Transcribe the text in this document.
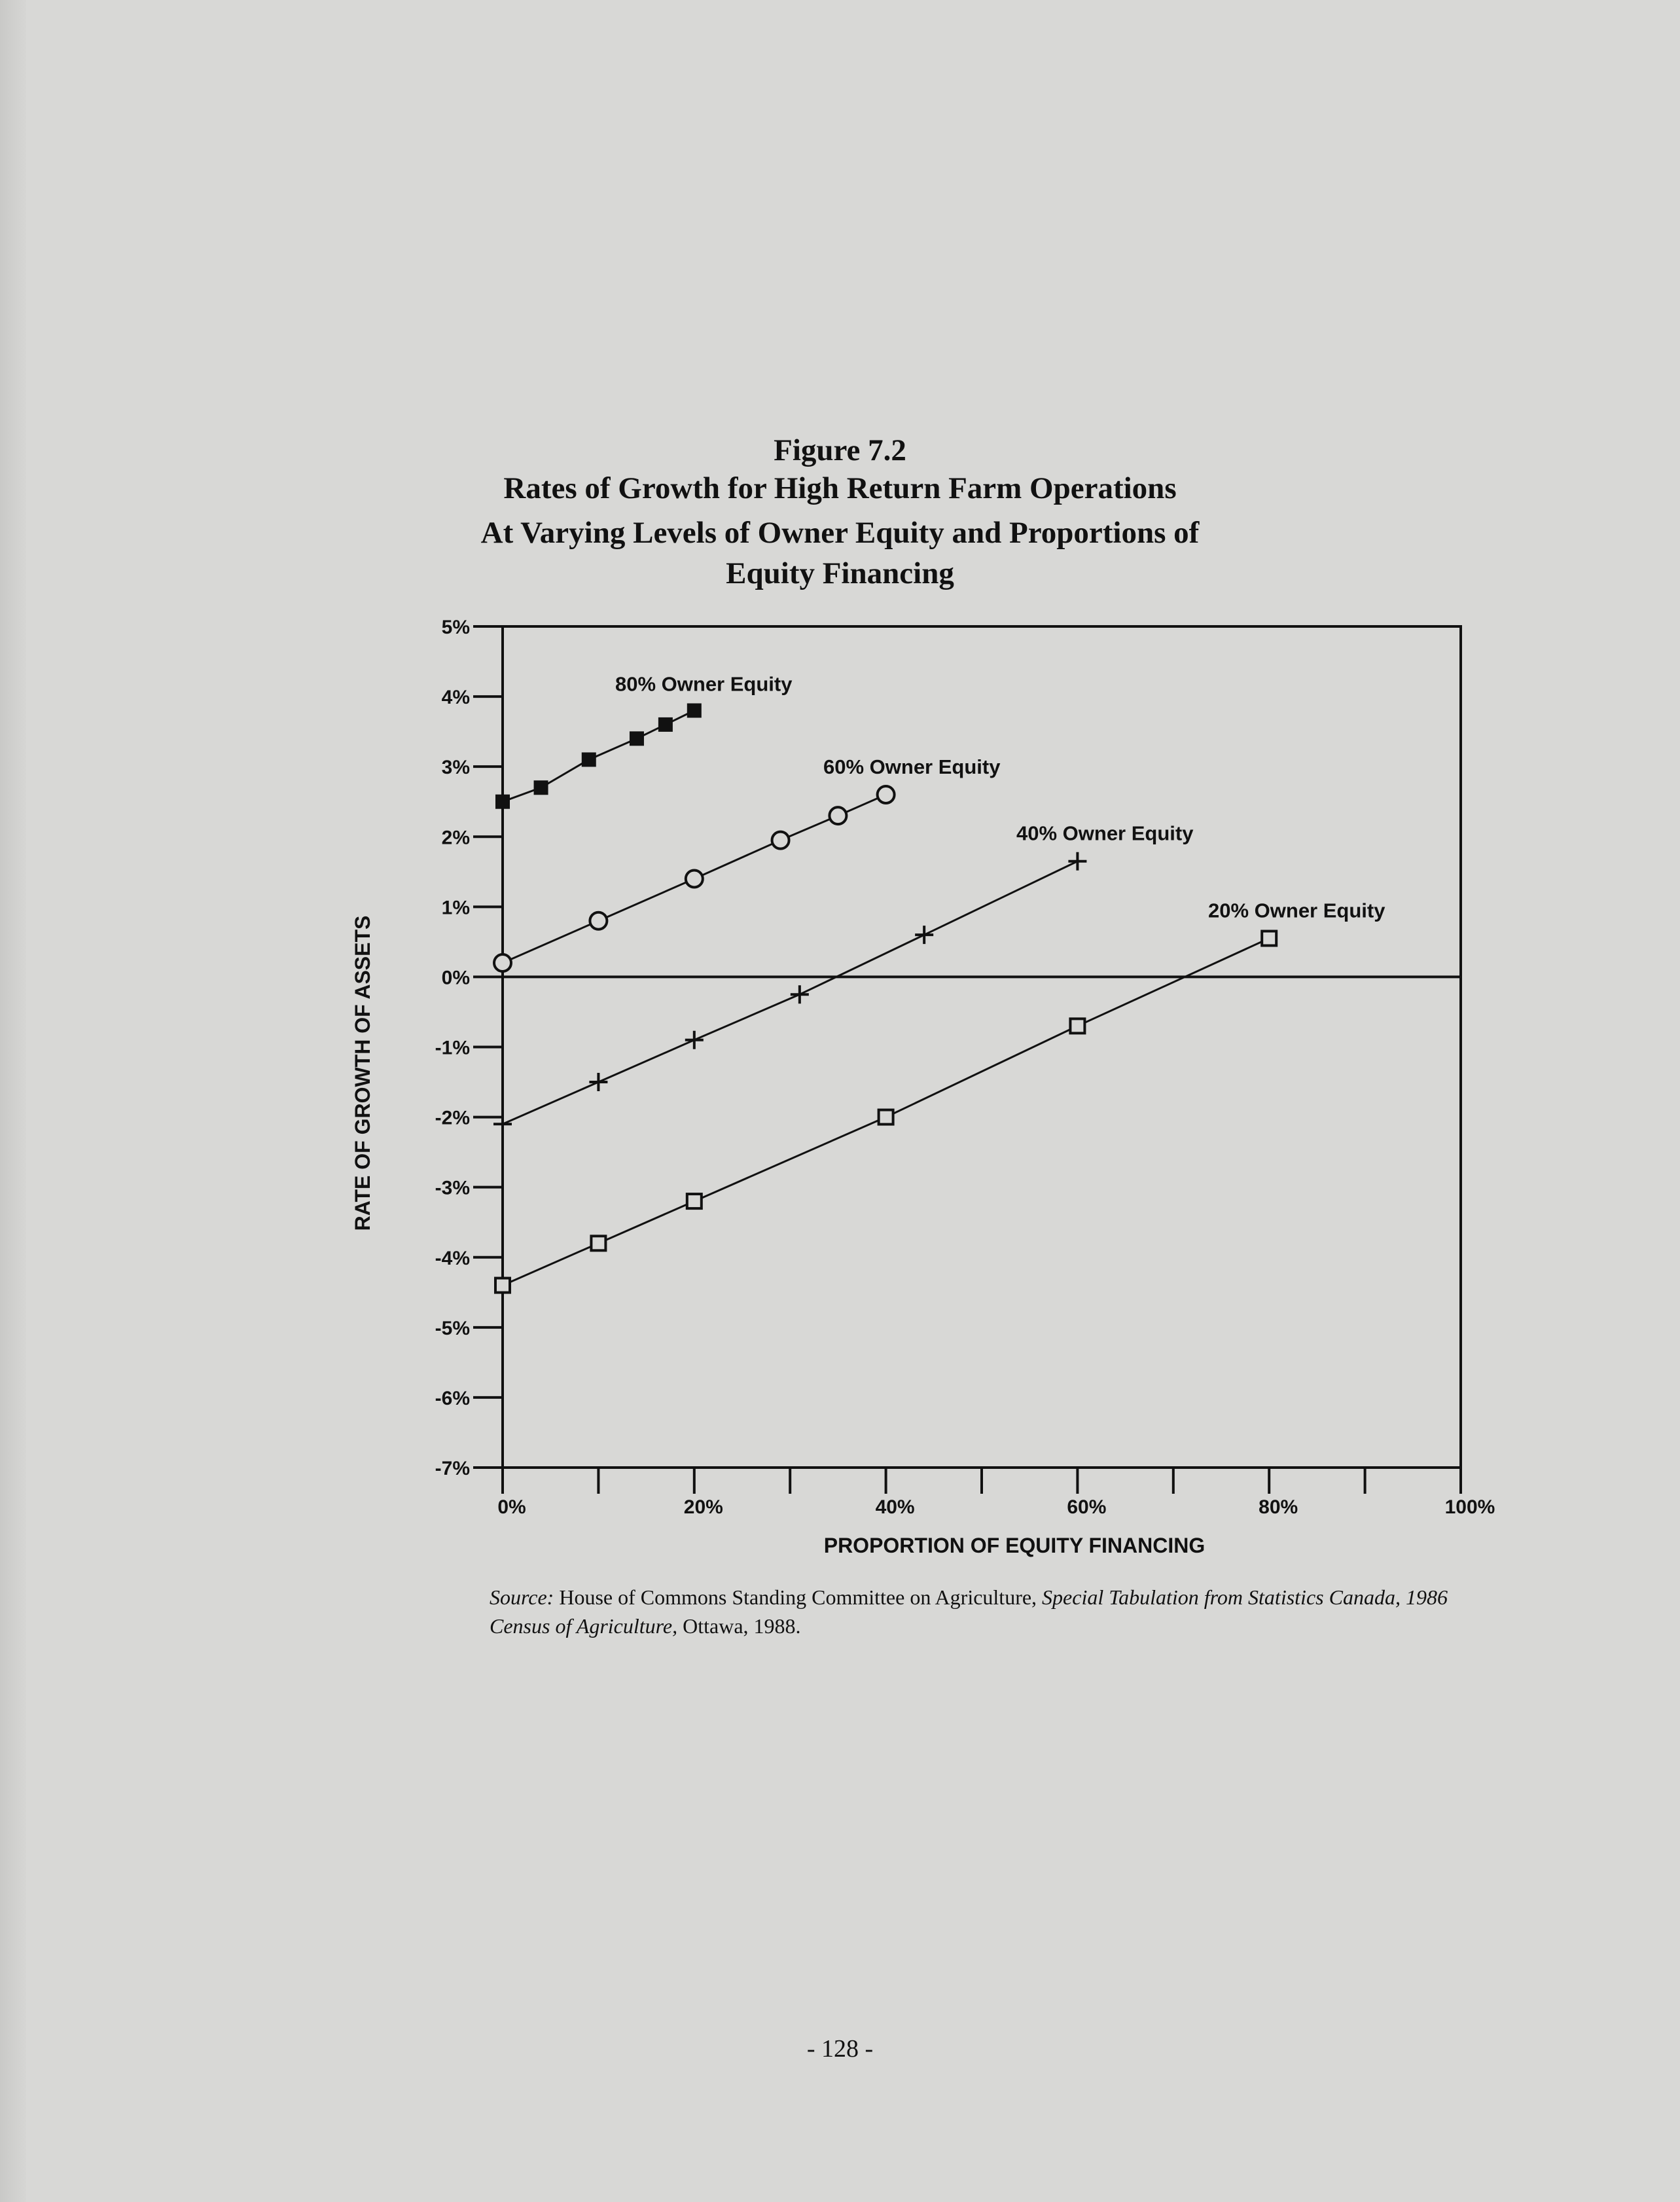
Figure 7.2
Rates of Growth for High Return Farm Operations
At Varying Levels of Owner Equity and Proportions of
Equity Financing
5%
4%
3%
2%
1%
0%
-1%
-2%
-3%
-4%
-5%
-6%
-7%
0%	20%	40%	60%	80%	100%
80% Owner Equity
60% Owner Equity
40% Owner Equity
20% Owner Equity
RATE OF GROWTH OF ASSETS
PROPORTION OF EQUITY FINANCING
Source: House of Commons Standing Committee on Agriculture, Special Tabulation from Statistics Canada, 1986 Census of Agriculture, Ottawa, 1988.
- 128 -
